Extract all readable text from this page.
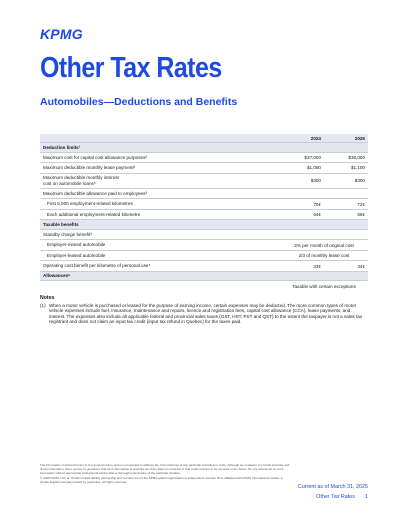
KPMG
Other Tax Rates
Automobiles—Deductions and Benefits
2024	2025
Deduction limits¹
Maximum cost for capital cost allowance purposes²	$37,000	$38,000
Maximum deductible monthly lease payment²	$1,050	$1,100
Maximum deductible monthly interest
cost on automobile loans³	$300	$300
Maximum deductible allowance paid to employees³
First 5,000 employment-related kilometres	70¢	72¢
Each additional employment-related kilometre	64¢	66¢
Taxable benefits
Standby charge benefit³
Employer-owned automobile	2% per month of original cost
Employer-leased automobile	2/3 of monthly lease cost
Operating cost benefit per kilometre of personal use⁴	33¢	34¢
Allowances⁵
Taxable with certain exceptions
Notes
(1) When a motor vehicle is purchased or leased for the purpose of earning income, certain expenses may be deducted. The more common types of motor vehicle expenses include fuel, insurance, maintenance and repairs, licence and registration fees, capital cost allowance (CCA), lease payments, and interest. The expenses also include all applicable federal and provincial sales taxes (GST, HST, PST and QST) to the extent the taxpayer is not a sales tax registrant and does not claim an input tax credit (input tax refund in Quebec) for the taxes paid.

The information contained herein is of a general nature and is not intended to address the circumstances of any particular individual or entity. Although we endeavor to provide accurate and timely information, there can be no guarantee that such information is accurate as of the date it is received or that it will continue to be accurate in the future. No one should act on such information without appropriate professional advice after a thorough examination of the particular situation.

© 2025 KPMG LLP, an Ontario limited liability partnership and member firm of the KPMG global organization of independent member firms affiliated with KPMG International Limited, a private English company limited by guarantee. All rights reserved.

Current as of March 31, 2025
Other Tax Rates 1
